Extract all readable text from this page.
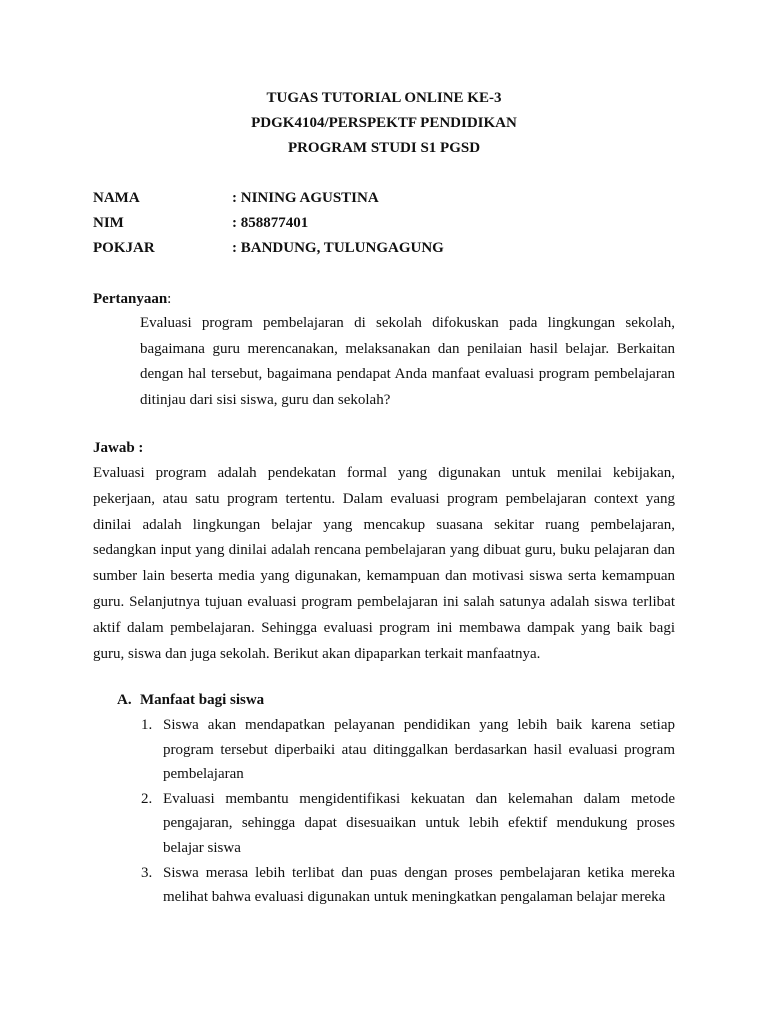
TUGAS TUTORIAL ONLINE KE-3
PDGK4104/PERSPEKTF PENDIDIKAN
PROGRAM STUDI S1 PGSD
NAMA	: NINING AGUSTINA
NIM	: 858877401
POKJAR	: BANDUNG, TULUNGAGUNG
Pertanyaan:
Evaluasi program pembelajaran di sekolah difokuskan pada lingkungan sekolah, bagaimana guru merencanakan, melaksanakan dan penilaian hasil belajar. Berkaitan dengan hal tersebut, bagaimana pendapat Anda manfaat evaluasi program pembelajaran ditinjau dari sisi siswa, guru dan sekolah?
Jawab :
Evaluasi program adalah pendekatan formal yang digunakan untuk menilai kebijakan, pekerjaan, atau satu program tertentu. Dalam evaluasi program pembelajaran context yang dinilai adalah lingkungan belajar yang mencakup suasana sekitar ruang pembelajaran, sedangkan input yang dinilai adalah rencana pembelajaran yang dibuat guru, buku pelajaran dan sumber lain beserta media yang digunakan, kemampuan dan motivasi siswa serta kemampuan guru. Selanjutnya tujuan evaluasi program pembelajaran ini salah satunya adalah siswa terlibat aktif dalam pembelajaran. Sehingga evaluasi program ini membawa dampak yang baik bagi guru, siswa dan juga sekolah. Berikut akan dipaparkan terkait manfaatnya.
A. Manfaat bagi siswa
1. Siswa akan mendapatkan pelayanan pendidikan yang lebih baik karena setiap program tersebut diperbaiki atau ditinggalkan berdasarkan hasil evaluasi program pembelajaran
2. Evaluasi membantu mengidentifikasi kekuatan dan kelemahan dalam metode pengajaran, sehingga dapat disesuaikan untuk lebih efektif mendukung proses belajar siswa
3. Siswa merasa lebih terlibat dan puas dengan proses pembelajaran ketika mereka melihat bahwa evaluasi digunakan untuk meningkatkan pengalaman belajar mereka
